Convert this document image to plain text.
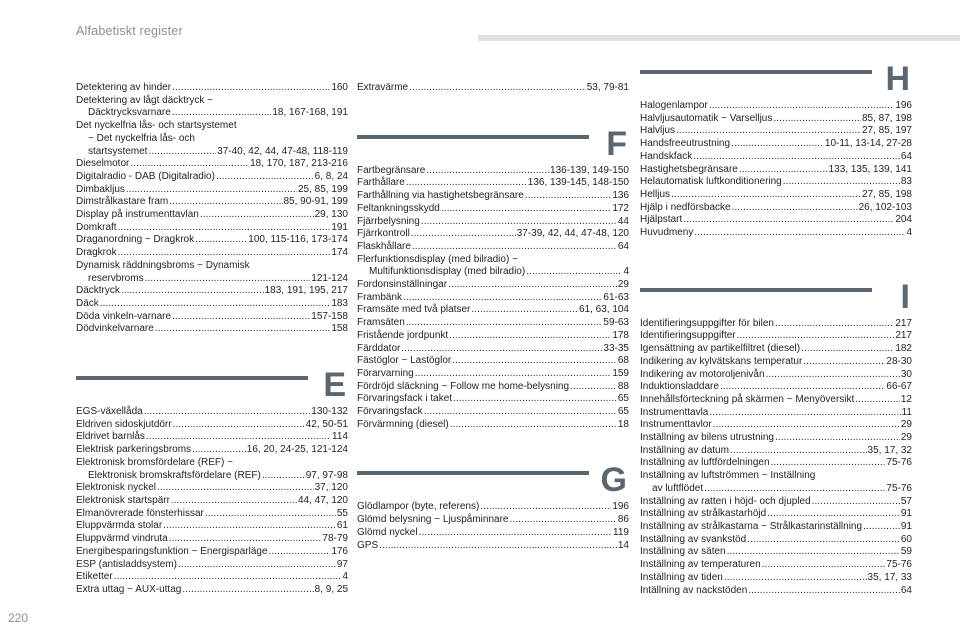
Alfabetiskt register
Detektering av hinder .....	160
Detektering av lågt däcktryck ~
Däcktrycksvarnare .....	18, 167-168, 191
Det nyckelfria lås- och startsystemet
~ Det nyckelfria lås- och
startsystemet .....	37-40, 42, 44, 47-48, 118-119
Dieselmotor .....	18, 170, 187, 213-216
Digitalradio - DAB (Digitalradio) .....	6, 8, 24
Dimbakljus .....	25, 85, 199
Dimstrålkastare fram .....	85, 90-91, 199
Display på instrumenttavlan .....	29, 130
Domkraft .....	191
Draganordning ~ Dragkrok .....	100, 115-116, 173-174
Dragkrok .....	174
Dynamisk räddningsbroms ~ Dynamisk
reservbroms .....	121-124
Däcktryck .....	183, 191, 195, 217
Däck .....	183
Döda vinkeln-varnare .....	157-158
Dödvinkelvarnare .....	158
E
EGS-växellåda .....	130-132
Eldriven sidoskjutdörr .....	42, 50-51
Eldrivet barnlås .....	114
Elektrisk parkeringsbroms .....	16, 20, 24-25, 121-124
Elektronisk bromsfördelare (REF) ~
Elektronisk bromskraftsfördelare (REF) .....	97, 97-98
Elektronisk nyckel .....	37, 120
Elektronisk startspärr .....	44, 47, 120
Elmanövrerade fönsterhissar .....	55
Eluppvärmda stolar .....	61
Eluppvärmd vindruta .....	78-79
Energibesparingsfunktion ~ Energisparläge .....	176
ESP (antisladdsystem) .....	97
Etiketter .....	4
Extra uttag ~ AUX-uttag .....	8, 9, 25
Extravärme .....	53, 79-81
F
Fartbegränsare .....	136-139, 149-150
Farthållare .....	136, 139-145, 148-150
Farthållning via hastighetsbegränsare .....	136
Feltankningsskydd .....	172
Fjärrbelysning .....	44
Fjärrkontroll .....	37-39, 42, 44, 47-48, 120
Flaskhållare .....	64
Flerfunktionsdisplay (med bilradio) ~
Multifunktionsdisplay (med bilradio) .....	4
Fordonsinställningar .....	29
Frambänk .....	61-63
Framsäte med två platser .....	61, 63, 104
Framsäten .....	59-63
Fristående jordpunkt .....	178
Färddator .....	33-35
Fästöglor ~ Lastöglor .....	68
Förarvarning .....	159
Fördröjd släckning ~ Follow me home-belysning .....	88
Förvaringsfack i taket .....	65
Förvaringsfack .....	65
Förvärmning (diesel) .....	18
G
Glödlampor (byte, referens) .....	196
Glömd belysning ~ Ljuspåminnare .....	86
Glömd nyckel .....	119
GPS .....	14
H
Halogenlampor .....	196
Halvljusautomatik ~ Varselljus .....	85, 87, 198
Halvljus .....	27, 85, 197
Handsfreeutrustning .....	10-11, 13-14, 27-28
Handskfack .....	64
Hastighetsbegränsare .....	133, 135, 139, 141
Helautomatisk luftkonditionering .....	83
Helljus .....	27, 85, 198
Hjälp i nedförsbacke .....	26, 102-103
Hjälpstart .....	204
Huvudmeny .....	4
I
Identifieringsuppgifter för bilen .....	217
Identifieringsuppgifter .....	217
Igensättning av partikelfiltret (diesel) .....	182
Indikering av kylvätskans temperatur .....	28-30
Indikering av motoroljenivån .....	30
Induktionsladdare .....	66-67
Innehållsförteckning på skärmen ~ Menyöversikt .....	12
Instrumenttavla .....	11
Instrumenttavlor .....	29
Inställning av bilens utrustning .....	29
Inställning av datum .....	35, 17, 32
Inställning av luftfördelningen .....	75-76
Inställning av luftströmmen ~ Inställning
av luftflödet .....	75-76
Inställning av ratten i höjd- och djupled .....	57
Inställning av strålkastarhöjd .....	91
Inställning av strålkastarna ~ Strålkastarinställning .....	91
Inställning av svankstöd .....	60
Inställning av säten .....	59
Inställning av temperaturen .....	75-76
Inställning av tiden .....	35, 17, 33
Intällning av nackstöden .....	64
220
